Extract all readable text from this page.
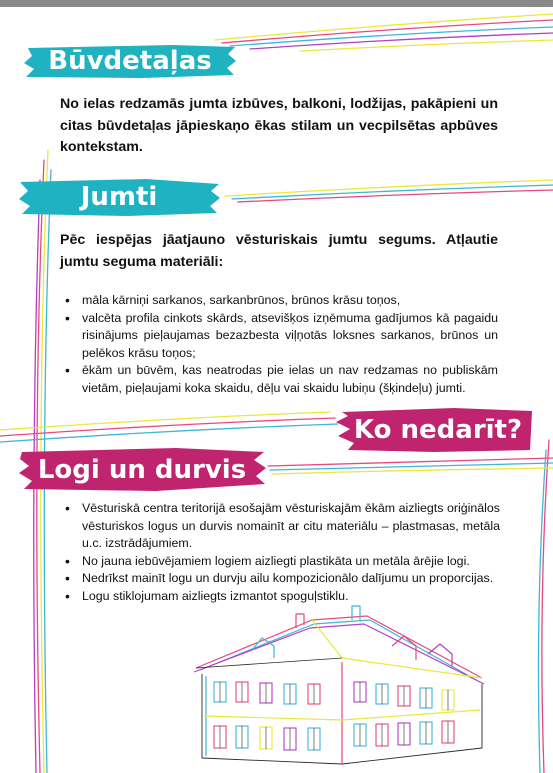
Būvdetaļas

No ielas redzamās jumta izbūves, balkoni, lodžijas, pakāpieni un citas būvdetaļas jāpieskaņo ēkas stilam un vecpilsētas apbūves kontekstam.

Jumti

Pēc iespējas jāatjauno vēsturiskais jumtu segums. Atļautie jumtu seguma materiāli:

• māla kārniņi sarkanos, sarkanbrūnos, brūnos krāsu toņos,
• valcēta profila cinkots skārds, atsevišķos izņēmuma gadījumos kā pagaidu risinājums pieļaujamas bezazbesta viļņotās loksnes sarkanos, brūnos un pelēkos krāsu toņos;
• ēkām un būvēm, kas neatrodas pie ielas un nav redzamas no publiskām vietām, pieļaujami koka skaidu, dēļu vai skaidu lubiņu (šķindeļu) jumti.
Ko nedarīt?
Logi un durvis
• Vēsturiskā centra teritorijā esošajām vēsturiskajām ēkām aizliegts oriģinālos vēsturiskos logus un durvis nomainīt ar citu materiālu – plastmasas, metāla u.c. izstrādājumiem.
• No jauna iebūvējamiem logiem aizliegti plastikāta un metāla ārējie logi.
• Nedrīkst mainīt logu un durvju ailu kompozicionālo dalījumu un proporcijas.
• Logu stiklojumam aizliegts izmantot spoguļstiklu.
